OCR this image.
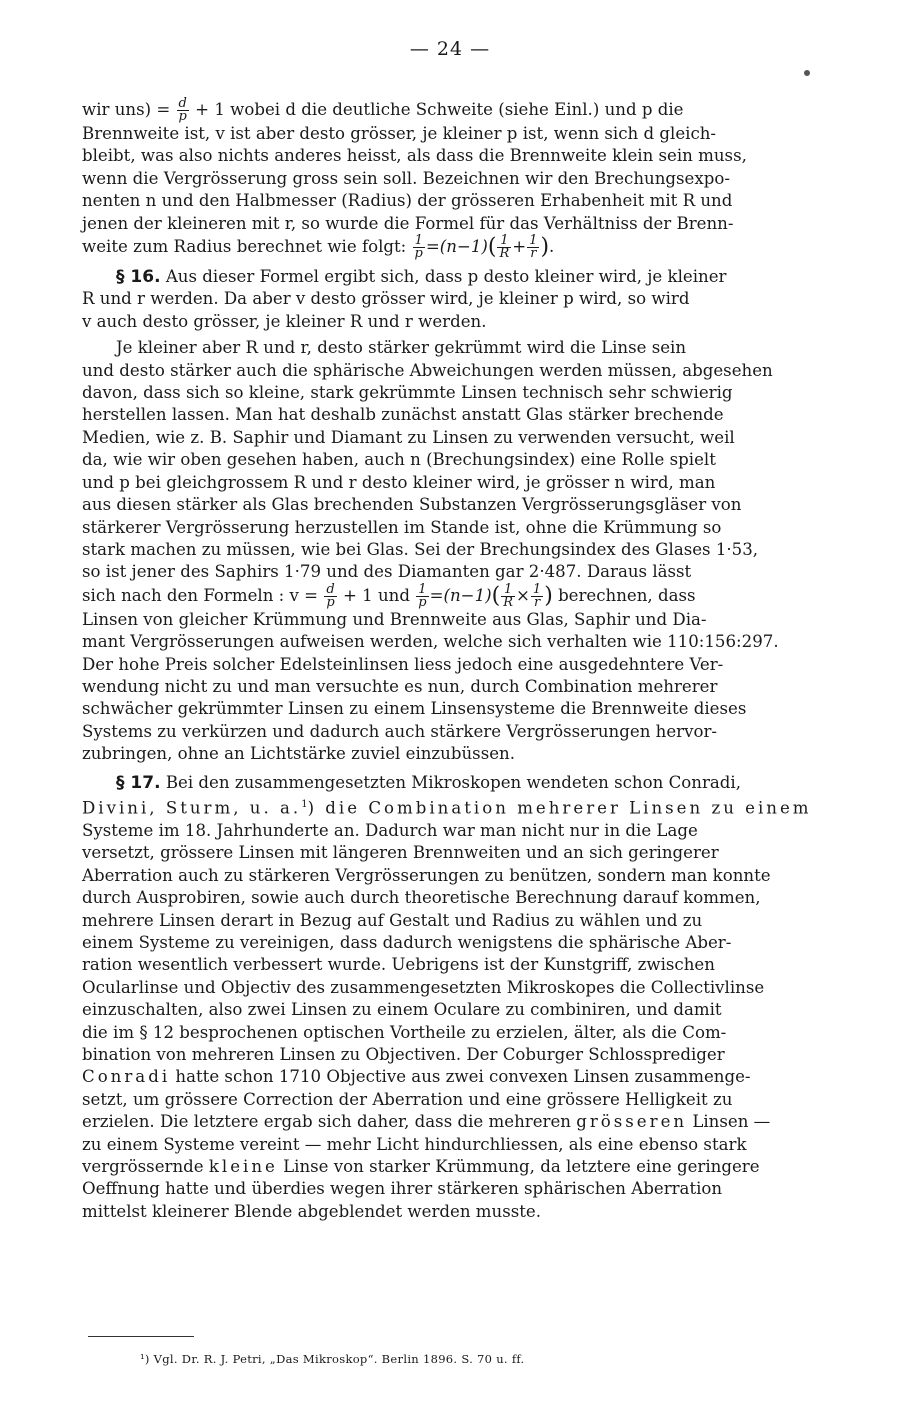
— 24 —

wir $uns) = \frac{d}{p} + 1$ wobei d die deutliche Schweite (siehe Einl.) und p die

Brennweite ist, v ist aber desto grösser, je kleiner p ist, wenn sich d gleich-

bleibt, was also nichts anderes heisst, als dass die Brennweite klein sein muss,

wenn die Vergrösserung gross sein soll. Bezeichnen wir den Brechungsexpo-

nenten n und den Halbmesser (Radius) der grösseren Erhabenheit mit R und

jenen der kleineren mit r, so wurde die Formel für das Verhältniss der Brenn-

weite zum Radius berechnet wie folgt: $\frac{1}{p} =(n-1)( \frac{1}{R} + \frac{1}{r}$ ).

§ 16. Aus dieser Formel ergibt sich, dass p desto kleiner wird, je kleiner

R und r werden. Da aber v desto grösser wird, je kleiner p wird, so wird

v auch desto grösser, je kleiner R und r werden.

Je kleiner aber R und r, desto stärker gekrümmt wird die Linse sein

und desto stärker auch die sphärische Abweichungen werden müssen, abgesehen

davon, dass sich so kleine, stark gekrümmte Linsen technisch sehr schwierig

herstellen lassen. Man hat deshalb zunächst anstatt Glas stärker brechende

Medien, wie z. B. Saphir und Diamant zu Linsen zu verwenden versucht, weil

da, wie wir oben gesehen haben, auch n (Brechungsindex) eine Rolle spielt

und p bei gleichgrossem R und r desto kleiner wird, je grösser n wird, man

aus diesen stärker als Glas brechenden Substanzen Vergrösserungsgläser von

stärkerer Vergrösserung herzustellen im Stande ist, ohne die Krümmung so

stark machen zu müssen, wie bei Glas. Sei der Brechungsindex des Glases 1·53,

so ist jener des Saphirs 1·79 und des Diamanten gar 2·487. Daraus lässt

sich nach den Formeln : $v = \frac{d}{p} + 1$ und $\frac{1}{p} =(n-1)( \frac{1}{R} \times \frac{1}{r}$ ) berechnen, dass

Linsen von gleicher Krümmung und Brennweite aus Glas, Saphir und Dia-

mant Vergrösserungen aufweisen werden, welche sich verhalten wie 110:156:297.

Der hohe Preis solcher Edelsteinlinsen liess jedoch eine ausgedehntere Ver-

wendung nicht zu und man versuchte es nun, durch Combination mehrerer

schwächer gekrümmter Linsen zu einem Linsensysteme die Brennweite dieses

Systems zu verkürzen und dadurch auch stärkere Vergrösserungen hervor-

zubringen, ohne an Lichtstärke zuviel einzubüssen.

§ 17. Bei den zusammengesetzten Mikroskopen wendeten schon Conradi,

Divini, Sturm, u. a.$^1$) die Combination mehrerer Linsen zu einem

Systeme im 18. Jahrhunderte an. Dadurch war man nicht nur in die Lage

versetzt, grössere Linsen mit längeren Brennweiten und an sich geringerer

Aberration auch zu stärkeren Vergrösserungen zu benützen, sondern man konnte

durch Ausprobiren, sowie auch durch theoretische Berechnung darauf kommen,

mehrere Linsen derart in Bezug auf Gestalt und Radius zu wählen und zu

einem Systeme zu vereinigen, dass dadurch wenigstens die sphärische Aber-

ration wesentlich verbessert wurde. Uebrigens ist der Kunstgriff, zwischen

Ocularlinse und Objectiv des zusammengesetzten Mikroskopes die Collectivlinse

einzuschalten, also zwei Linsen zu einem Oculare zu combiniren, und damit

die im § 12 besprochenen optischen Vortheile zu erzielen, älter, als die Com-

bination von mehreren Linsen zu Objectiven. Der Coburger Schlossprediger

Conradi hatte schon 1710 Objective aus zwei convexen Linsen zusammenge-

setzt, um grössere Correction der Aberration und eine grössere Helligkeit zu

erzielen. Die letztere ergab sich daher, dass die mehreren grösseren Linsen —

zu einem Systeme vereint — mehr Licht hindurchliessen, als eine ebenso stark

vergrössernde kleine Linse von starker Krümmung, da letztere eine geringere

Oeffnung hatte und überdies wegen ihrer stärkeren sphärischen Aberration

mittelst kleinerer Blende abgeblendet werden musste.

¹) Vgl. Dr. R. J. Petri, „Das Mikroskop“. Berlin 1896. S. 70 u. ff.
